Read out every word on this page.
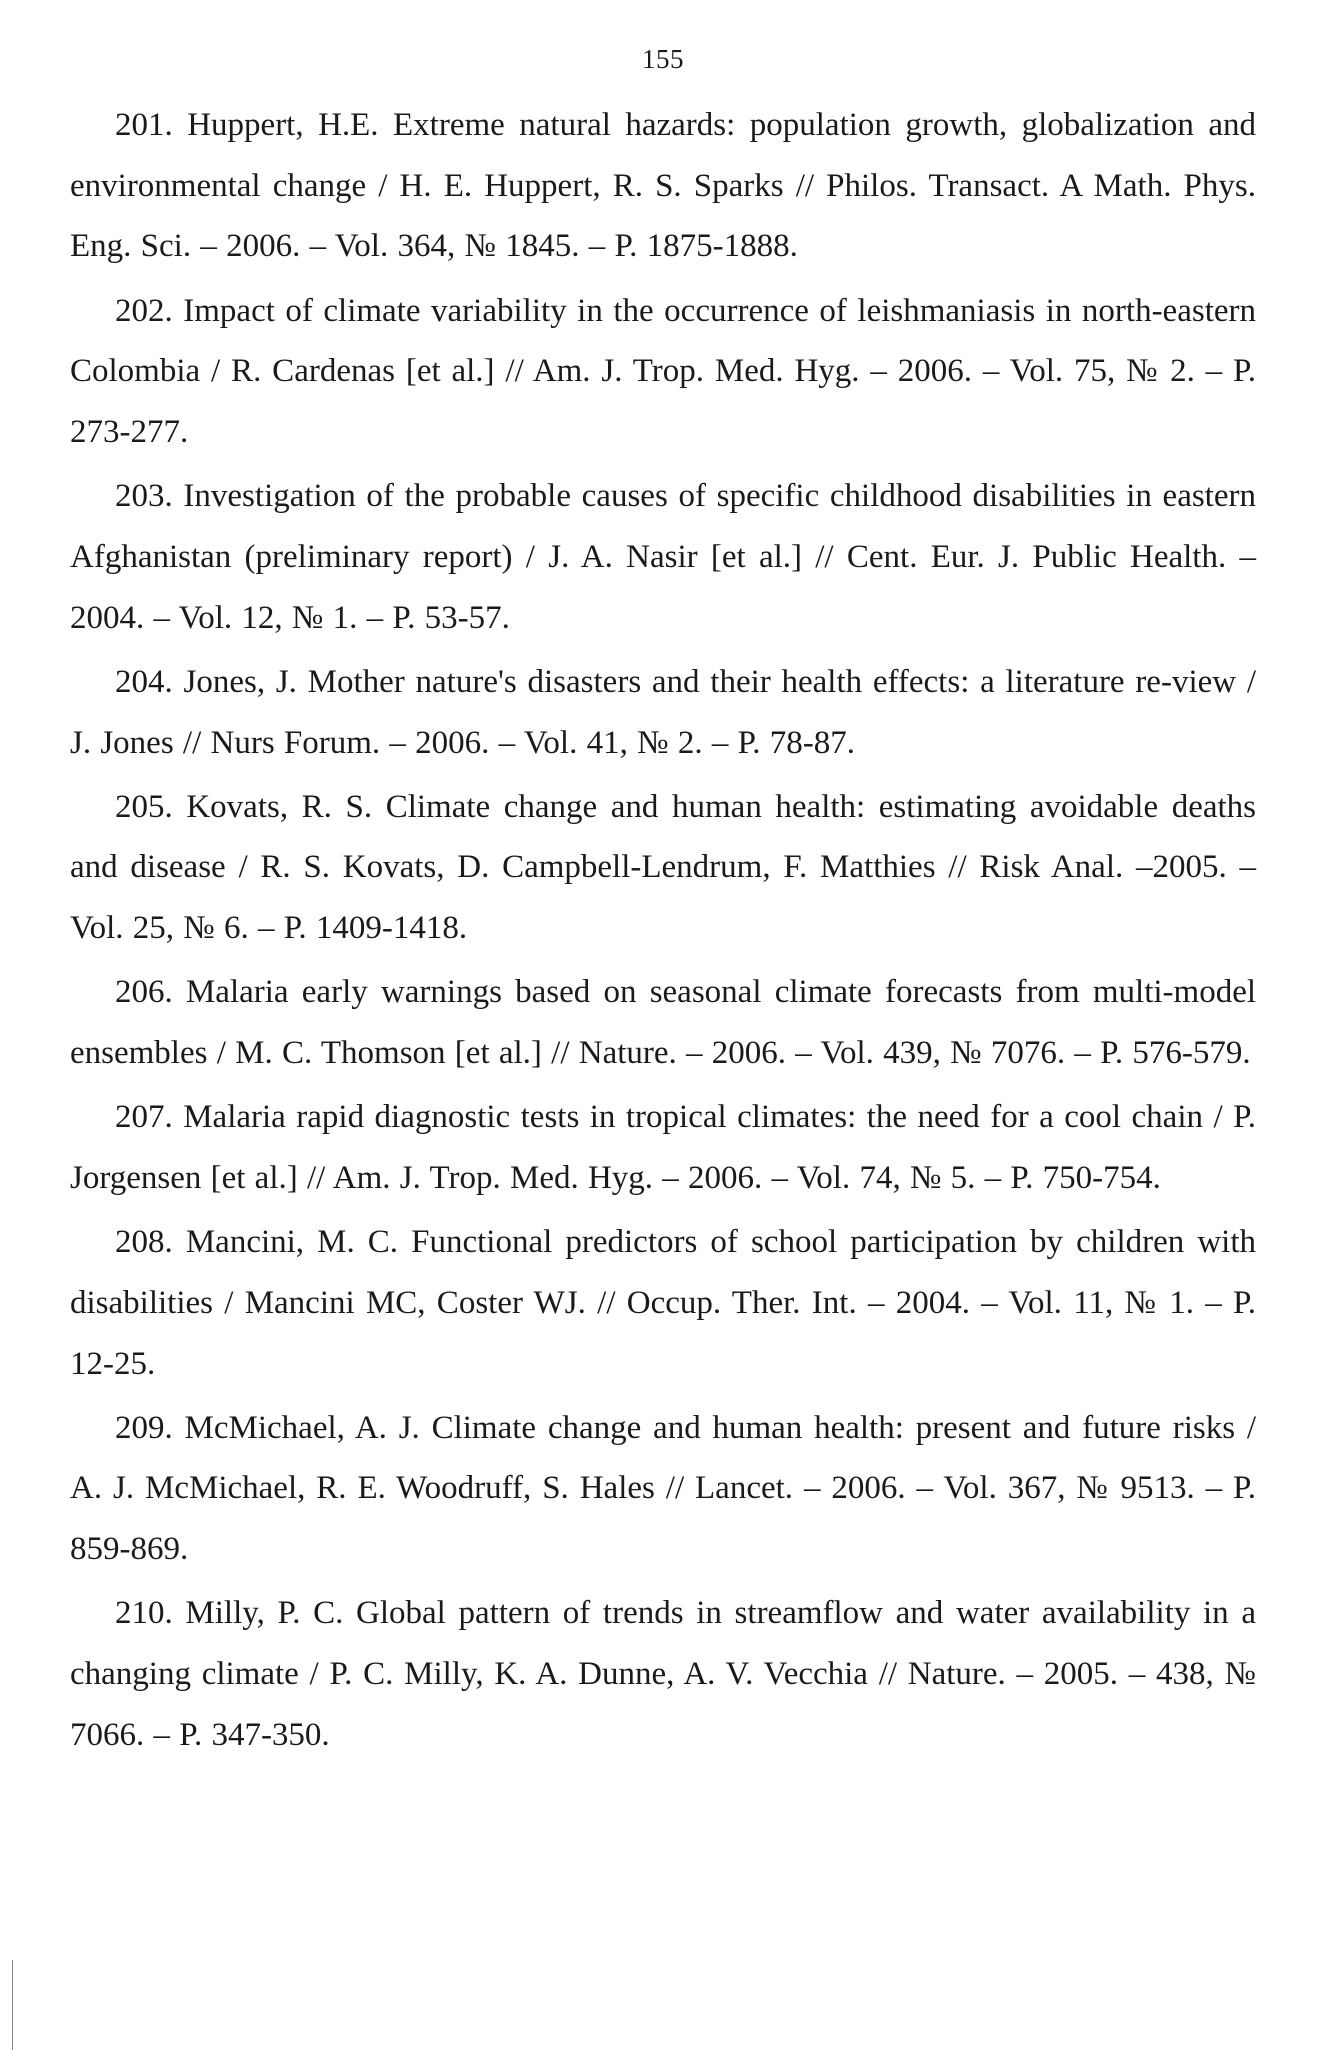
155
201. Huppert, H.E. Extreme natural hazards: population growth, globalization and environmental change / H. E. Huppert, R. S. Sparks // Philos. Transact. A Math. Phys. Eng. Sci. – 2006. – Vol. 364, № 1845. – P. 1875-1888.
202. Impact of climate variability in the occurrence of leishmaniasis in north-eastern Colombia / R. Cardenas [et al.] // Am. J. Trop. Med. Hyg. – 2006. – Vol. 75, № 2. – P. 273-277.
203. Investigation of the probable causes of specific childhood disabilities in eastern Afghanistan (preliminary report) / J. A. Nasir [et al.] // Cent. Eur. J. Public Health. – 2004. – Vol. 12, № 1. – P. 53-57.
204. Jones, J. Mother nature's disasters and their health effects: a literature re-view / J. Jones // Nurs Forum. – 2006. – Vol. 41, № 2. – P. 78-87.
205. Kovats, R. S. Climate change and human health: estimating avoidable deaths and disease / R. S. Kovats, D. Campbell-Lendrum, F. Matthies // Risk Anal. –2005. – Vol. 25, № 6. – P. 1409-1418.
206. Malaria early warnings based on seasonal climate forecasts from multi-model ensembles / M. C. Thomson [et al.] // Nature. – 2006. – Vol. 439, № 7076. – P. 576-579.
207. Malaria rapid diagnostic tests in tropical climates: the need for a cool chain / P. Jorgensen [et al.] // Am. J. Trop. Med. Hyg. – 2006. – Vol. 74, № 5. – P. 750-754.
208. Mancini, M. C. Functional predictors of school participation by children with disabilities / Mancini MC, Coster WJ. // Occup. Ther. Int. – 2004. – Vol. 11, № 1. – P. 12-25.
209. McMichael, A. J. Climate change and human health: present and future risks / A. J. McMichael, R. E. Woodruff, S. Hales // Lancet. – 2006. – Vol. 367, № 9513. – P. 859-869.
210. Milly, P. C. Global pattern of trends in streamflow and water availability in a changing climate / P. C. Milly, K. A. Dunne, A. V. Vecchia // Nature. – 2005. – 438, № 7066. – P. 347-350.
